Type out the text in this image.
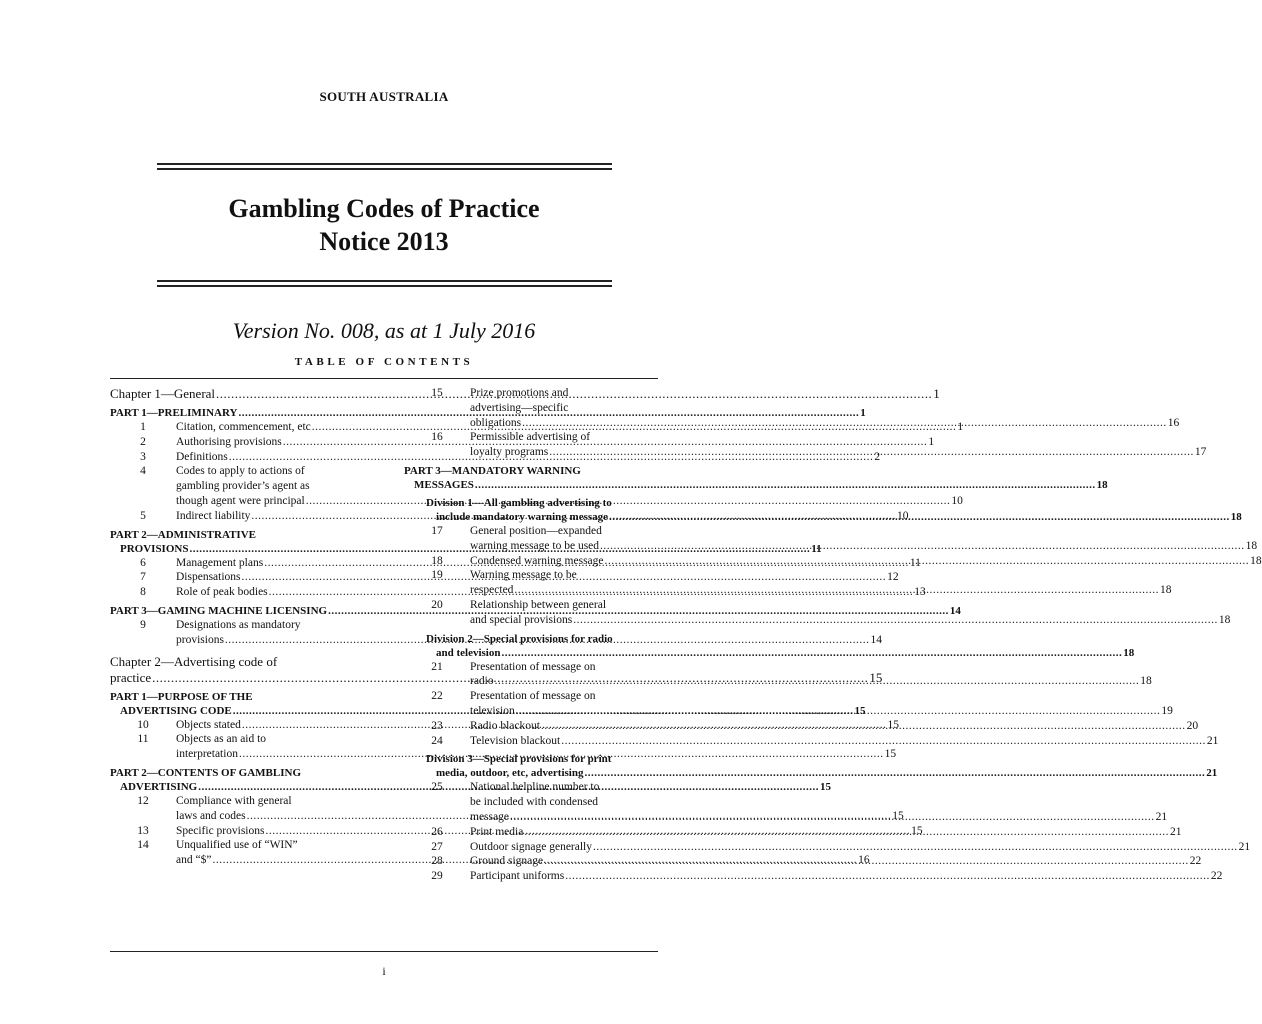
SOUTH AUSTRALIA
Gambling Codes of Practice
Notice 2013
Version No. 008, as at 1 July 2016
TABLE OF CONTENTS
Chapter 1—General .....	1
PART 1—PRELIMINARY .....	1
1	Citation, commencement, etc .....	1
2	Authorising provisions .....	1
3	Definitions .....	2
4	Codes to apply to actions of
gambling provider’s agent as
though agent were principal .....	10
5	Indirect liability .....	10
PART 2—ADMINISTRATIVE
PROVISIONS .....	11
6	Management plans .....	11
7	Dispensations .....	12
8	Role of peak bodies .....	13
PART 3—GAMING MACHINE LICENSING .....	14
9	Designations as mandatory
provisions .....	14
Chapter 2—Advertising code of
practice .....	15
PART 1—PURPOSE OF THE
ADVERTISING CODE .....	15
10	Objects stated .....	15
11	Objects as an aid to
interpretation .....	15
PART 2—CONTENTS OF GAMBLING
ADVERTISING .....	15
12	Compliance with general
laws and codes .....	15
13	Specific provisions .....	15
14	Unqualified use of “WIN”
and “$” .....	16
15	Prize promotions and
advertising—specific
obligations .....	16
16	Permissible advertising of
loyalty programs .....	17
PART 3—MANDATORY WARNING
MESSAGES .....	18
Division 1—All gambling advertising to
include mandatory warning message .....	18
17	General position—expanded
warning message to be used .....	18
18	Condensed warning message .....	18
19	Warning message to be
respected .....	18
20	Relationship between general
and special provisions .....	18
Division 2—Special provisions for radio
and television .....	18
21	Presentation of message on
radio .....	18
22	Presentation of message on
television .....	19
23	Radio blackout .....	20
24	Television blackout .....	21
Division 3—Special provisions for print
media, outdoor, etc, advertising .....	21
25	National helpline number to
be included with condensed
message .....	21
26	Print media .....	21
27	Outdoor signage generally .....	21
28	Ground signage .....	22
29	Participant uniforms .....	22
i
